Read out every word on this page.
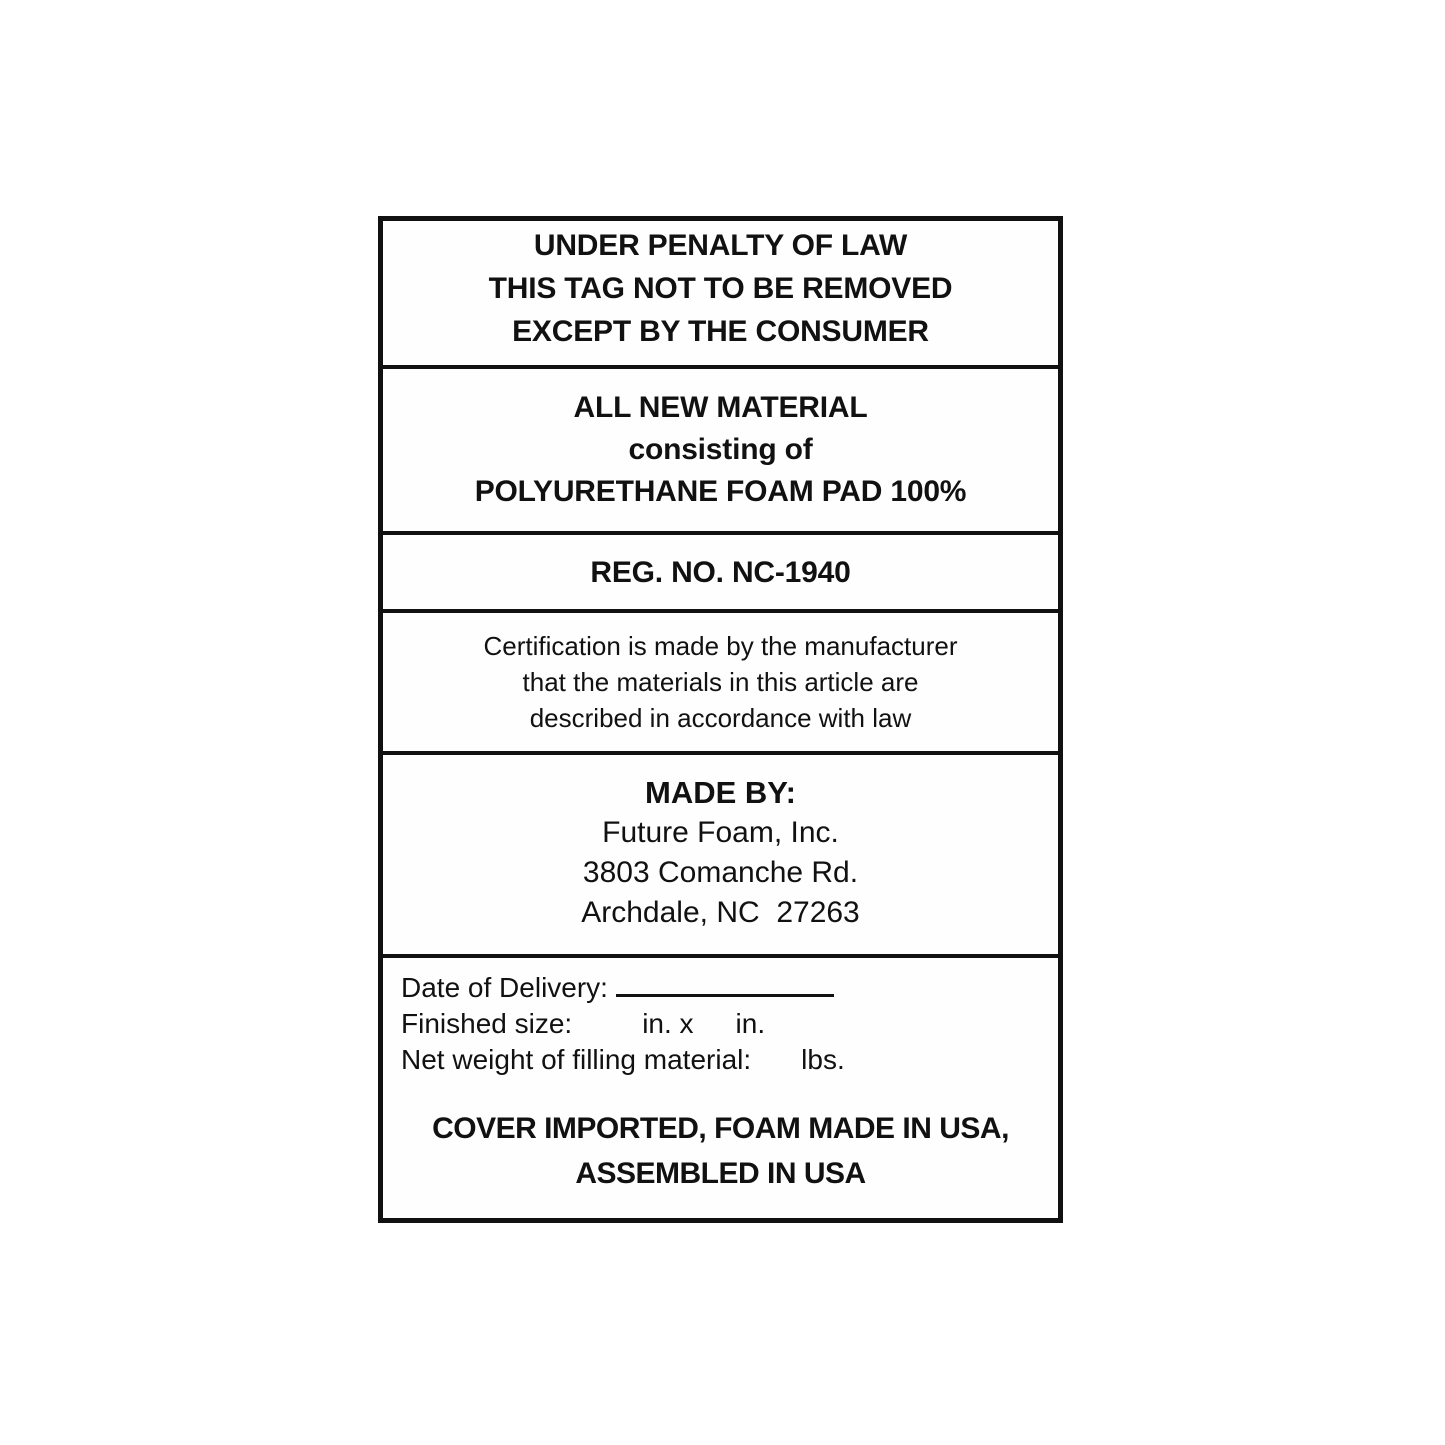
UNDER PENALTY OF LAW
THIS TAG NOT TO BE REMOVED
EXCEPT BY THE CONSUMER
ALL NEW MATERIAL
consisting of
POLYURETHANE FOAM PAD 100%
REG. NO. NC-1940
Certification is made by the manufacturer
that the materials in this article are
described in accordance with law
MADE BY:
Future Foam, Inc.
3803 Comanche Rd.
Archdale, NC  27263
Date of Delivery:
Finished size:	in. x in.
Net weight of filling material: lbs.
COVER IMPORTED, FOAM MADE IN USA,
ASSEMBLED IN USA
